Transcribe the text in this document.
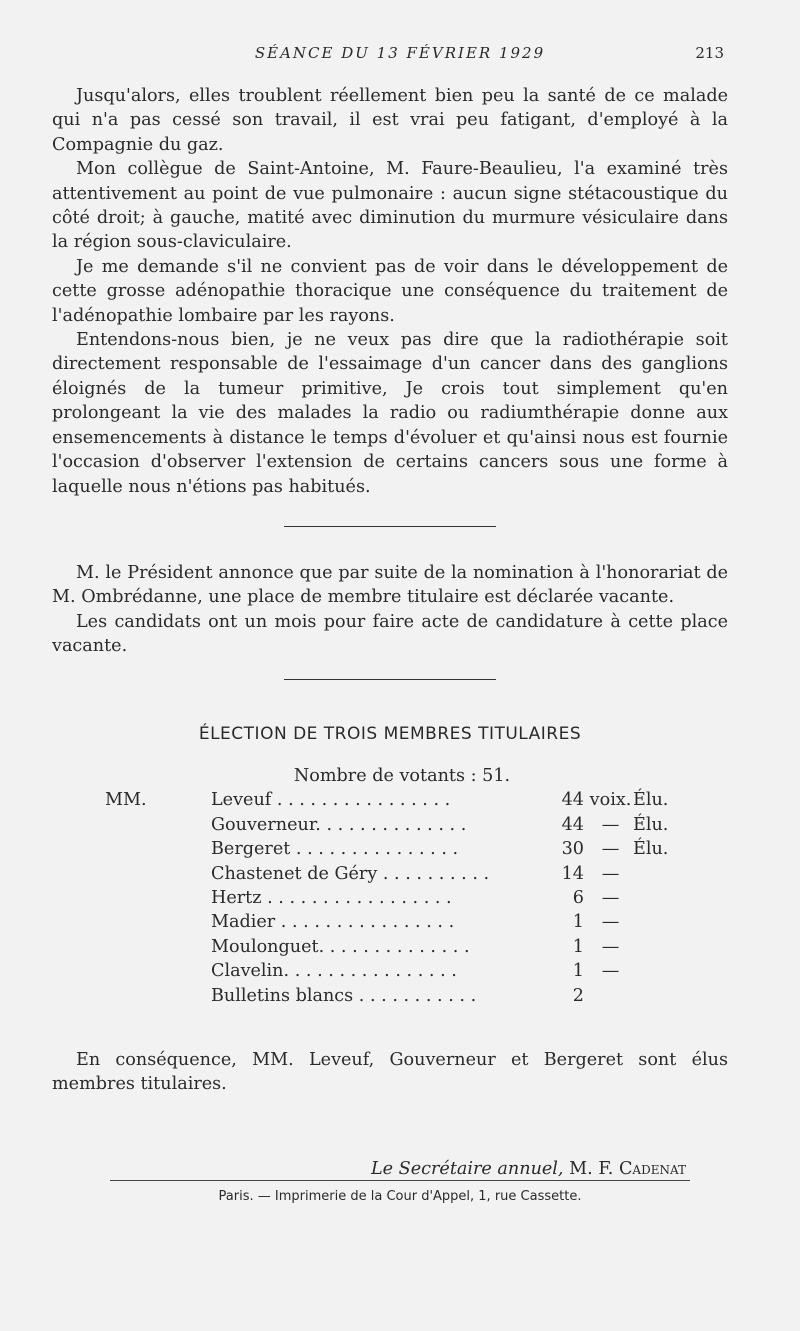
SÉANCE DU 13 FÉVRIER 1929	213

Jusqu'alors, elles troublent réellement bien peu la santé de ce malade qui n'a pas cessé son travail, il est vrai peu fatigant, d'employé à la Compagnie du gaz.

Mon collègue de Saint-Antoine, M. Faure-Beaulieu, l'a examiné très attentivement au point de vue pulmonaire : aucun signe stétacoustique du côté droit; à gauche, matité avec diminution du murmure vésiculaire dans la région sous-claviculaire.

Je me demande s'il ne convient pas de voir dans le développement de cette grosse adénopathie thoracique une conséquence du traitement de l'adénopathie lombaire par les rayons.

Entendons-nous bien, je ne veux pas dire que la radiothérapie soit directement responsable de l'essaimage d'un cancer dans des ganglions éloignés de la tumeur primitive, Je crois tout simplement qu'en prolongeant la vie des malades la radio ou radiumthérapie donne aux ensemencements à distance le temps d'évoluer et qu'ainsi nous est fournie l'occasion d'observer l'extension de certains cancers sous une forme à laquelle nous n'étions pas habitués.

M. le Président annonce que par suite de la nomination à l'honorariat de M. Ombrédanne, une place de membre titulaire est déclarée vacante.

Les candidats ont un mois pour faire acte de candidature à cette place vacante.

ÉLECTION DE TROIS MEMBRES TITULAIRES

Nombre de votants : 51.

MM.	Leveuf . . . . . . . . . . . . . . . .	44	voix.	Élu.
	Gouverneur. . . . . . . . . . . . . .	44	—	Élu.
	Bergeret . . . . . . . . . . . . . . .	30	—	Élu.
	Chastenet de Géry . . . . . . . . . .	14	—	
	Hertz . . . . . . . . . . . . . . . . .	6	—	
	Madier . . . . . . . . . . . . . . . .	1	—	
	Moulonguet. . . . . . . . . . . . . .	1	—	
	Clavelin. . . . . . . . . . . . . . . .	1	—	
	Bulletins blancs . . . . . . . . . . .	2		

En conséquence, MM. Leveuf, Gouverneur et Bergeret sont élus membres titulaires.

Le Secrétaire annuel, M. F. Cadenat
Paris. — Imprimerie de la Cour d'Appel, 1, rue Cassette.
